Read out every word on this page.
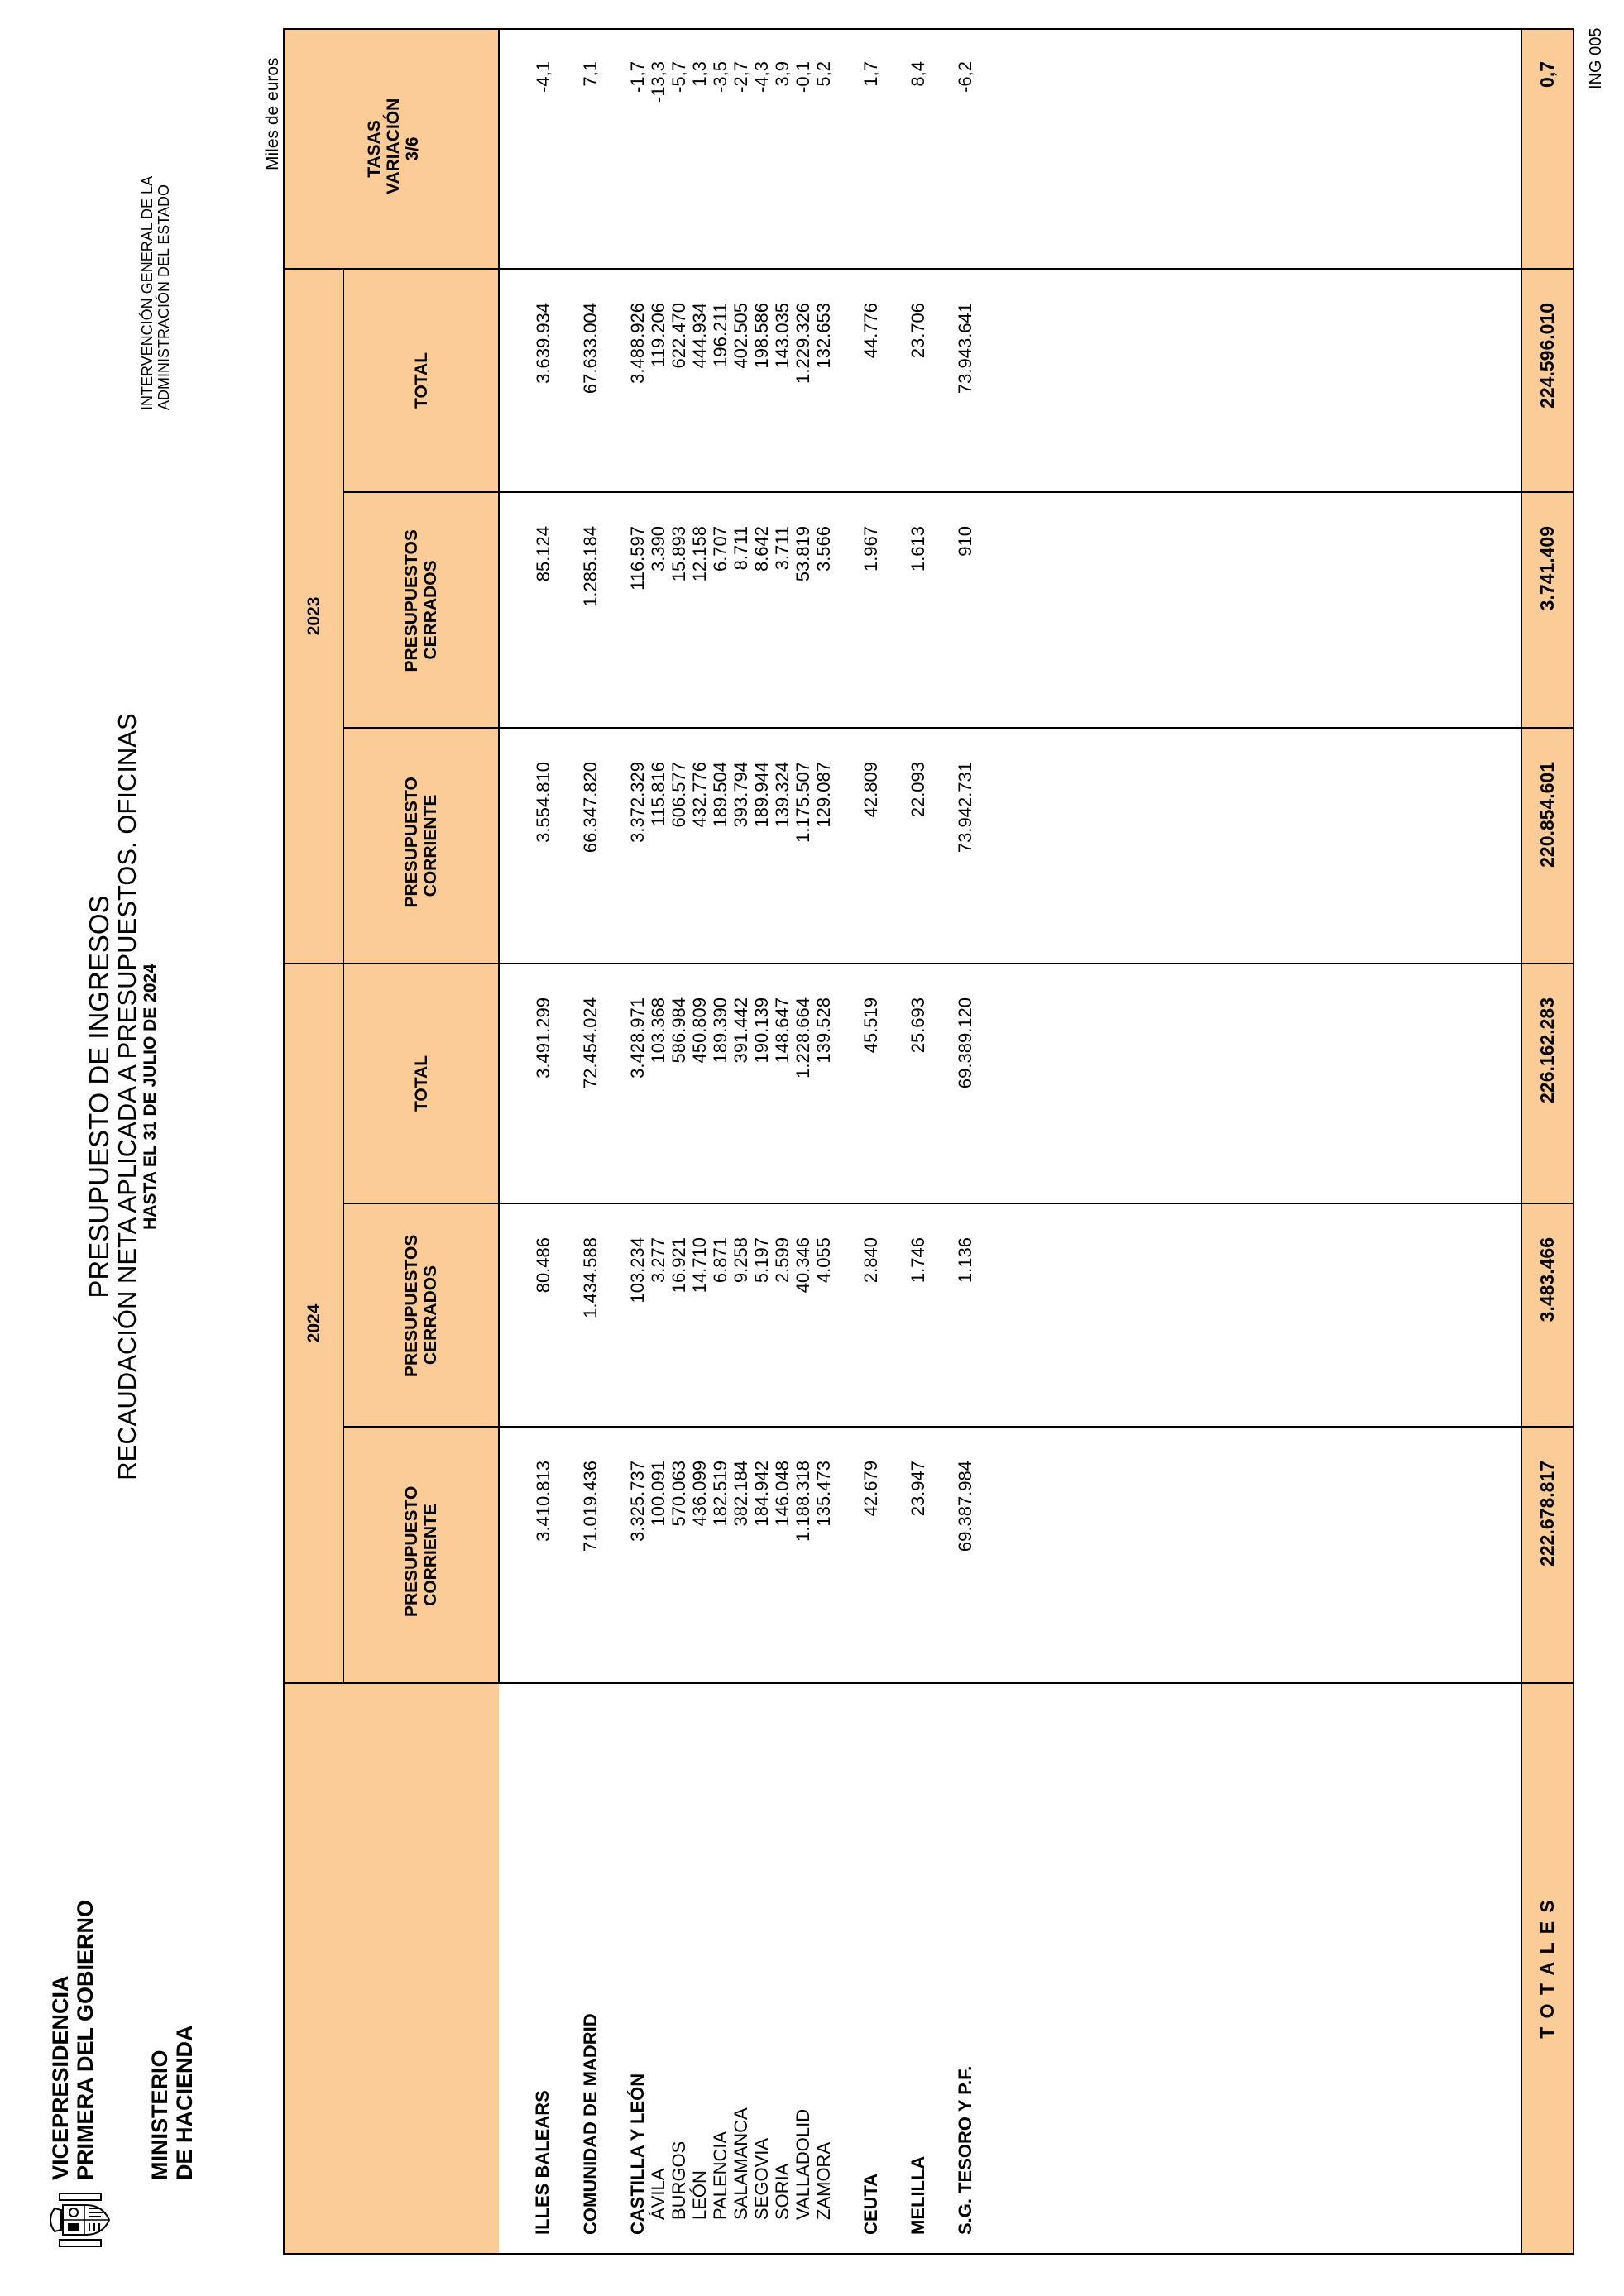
VICEPRESIDENCIA PRIMERA DEL GOBIERNO MINISTERIO DE HACIENDA
PRESUPUESTO DE INGRESOS
RECAUDACIÓN NETA APLICADA A PRESUPUESTOS. OFICINAS HASTA EL 31 DE JULIO DE 2024
INTERVENCIÓN GENERAL DE LA ADMINISTRACIÓN DEL ESTADO
Miles de euros
	2024			2023			TASAS VARIACIÓN 3/6

	PRESUPUESTO CORRIENTE	PRESUPUESTOS CERRADOS	TOTAL	PRESUPUESTO CORRIENTE	PRESUPUESTOS CERRADOS	TOTAL	
ILLES BALEARS	3.410.813	80.486	3.491.299	3.554.810	85.124	3.639.934	-4,1

COMUNIDAD DE MADRID	71.019.436	1.434.588	72.454.024	66.347.820	1.285.184	67.633.004	7,1

CASTILLA Y LEÓN	3.325.737	103.234	3.428.971	3.372.329	116.597	3.488.926	-1,7
ÁVILA	100.091	3.277	103.368	115.816	3.390	119.206	-13,3
BURGOS	570.063	16.921	586.984	606.577	15.893	622.470	-5,7
LEÓN	436.099	14.710	450.809	432.776	12.158	444.934	1,3
PALENCIA	182.519	6.871	189.390	189.504	6.707	196.211	-3,5
SALAMANCA	382.184	9.258	391.442	393.794	8.711	402.505	-2,7
SEGOVIA	184.942	5.197	190.139	189.944	8.642	198.586	-4,3
SORIA	146.048	2.599	148.647	139.324	3.711	143.035	3,9
VALLADOLID	1.188.318	40.346	1.228.664	1.175.507	53.819	1.229.326	-0,1
ZAMORA	135.473	4.055	139.528	129.087	3.566	132.653	5,2

CEUTA	42.679	2.840	45.519	42.809	1.967	44.776	1,7

MELILLA	23.947	1.746	25.693	22.093	1.613	23.706	8,4

S.G. TESORO Y P.F.	69.387.984	1.136	69.389.120	73.942.731	910	73.943.641	-6,2

T O T A L E S	222.678.817	3.483.466	226.162.283	220.854.601	3.741.409	224.596.010	0,7 ING 005
